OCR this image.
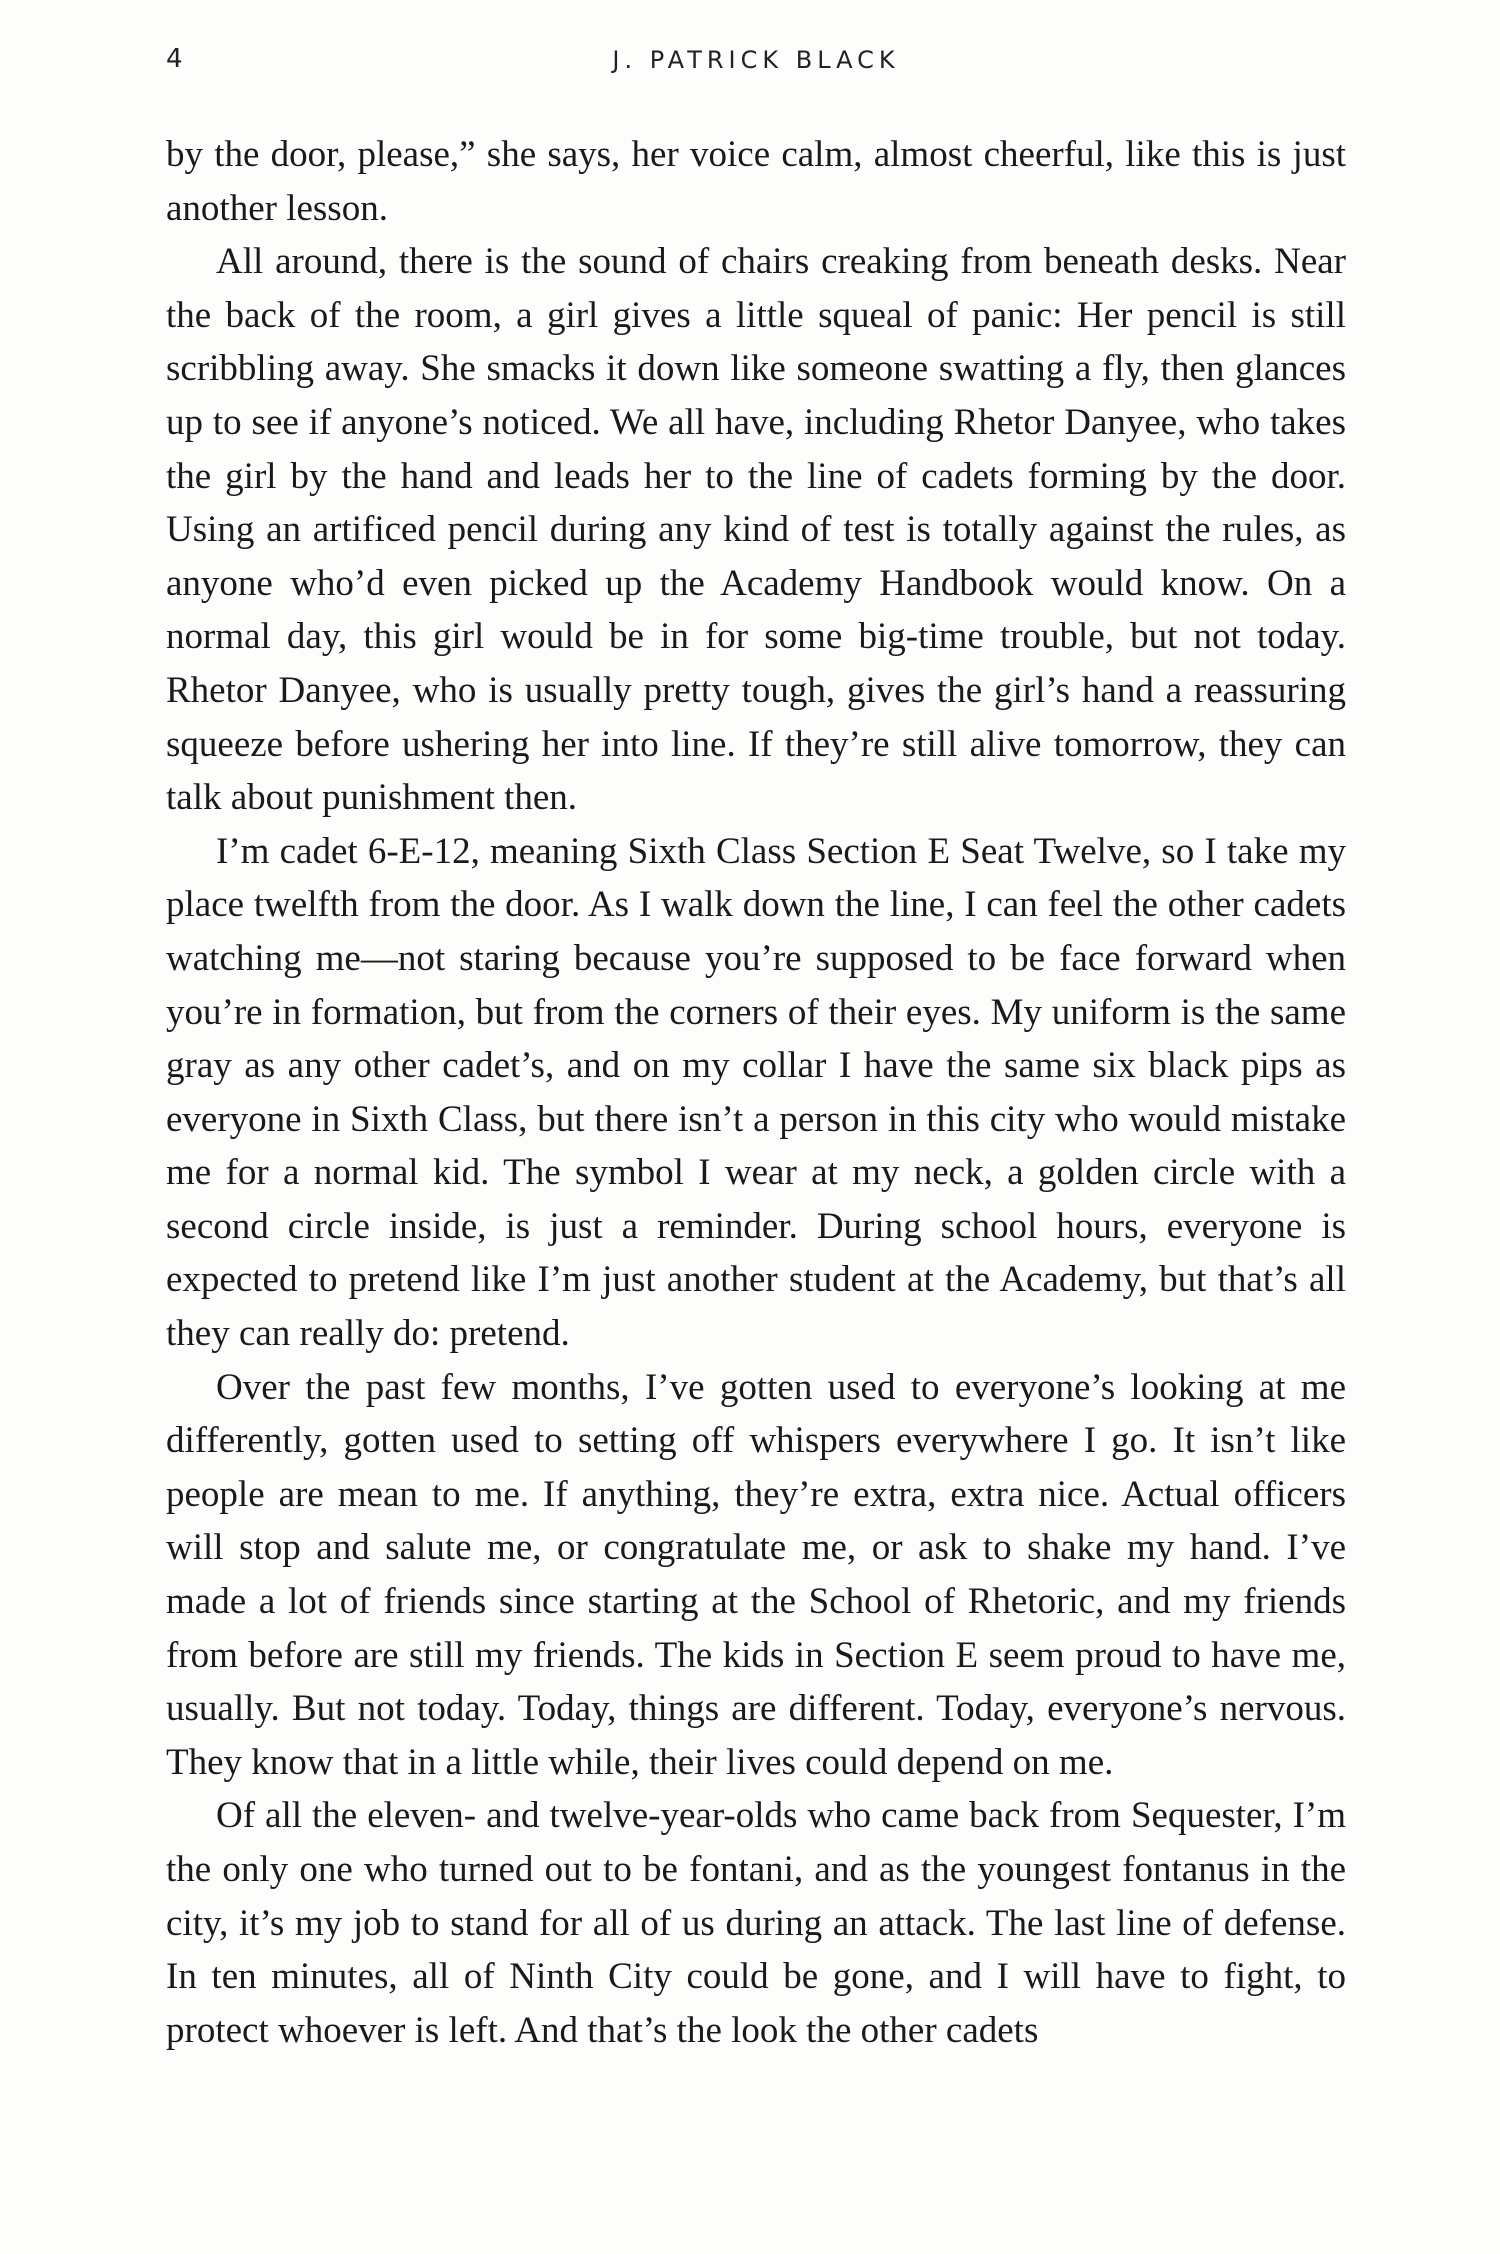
4	J. PATRICK BLACK

by the door, please,” she says, her voice calm, almost cheerful, like this is just another lesson.

All around, there is the sound of chairs creaking from beneath desks. Near the back of the room, a girl gives a little squeal of panic: Her pencil is still scribbling away. She smacks it down like someone swatting a fly, then glances up to see if anyone’s noticed. We all have, including Rhetor Danyee, who takes the girl by the hand and leads her to the line of cadets forming by the door. Using an artificed pencil during any kind of test is totally against the rules, as anyone who’d even picked up the Academy Handbook would know. On a normal day, this girl would be in for some big-time trouble, but not today. Rhetor Danyee, who is usually pretty tough, gives the girl’s hand a reassuring squeeze before ushering her into line. If they’re still alive tomorrow, they can talk about punishment then.

I’m cadet 6-E-12, meaning Sixth Class Section E Seat Twelve, so I take my place twelfth from the door. As I walk down the line, I can feel the other cadets watching me—not staring because you’re supposed to be face forward when you’re in formation, but from the corners of their eyes. My uniform is the same gray as any other cadet’s, and on my collar I have the same six black pips as everyone in Sixth Class, but there isn’t a person in this city who would mistake me for a normal kid. The symbol I wear at my neck, a golden circle with a second circle inside, is just a reminder. During school hours, everyone is expected to pretend like I’m just another student at the Academy, but that’s all they can really do: pretend.

Over the past few months, I’ve gotten used to everyone’s looking at me differently, gotten used to setting off whispers everywhere I go. It isn’t like people are mean to me. If anything, they’re extra, extra nice. Actual officers will stop and salute me, or congratulate me, or ask to shake my hand. I’ve made a lot of friends since starting at the School of Rhetoric, and my friends from before are still my friends. The kids in Section E seem proud to have me, usually. But not today. Today, things are different. Today, everyone’s nervous. They know that in a little while, their lives could depend on me.

Of all the eleven- and twelve-year-olds who came back from Sequester, I’m the only one who turned out to be fontani, and as the youngest fontanus in the city, it’s my job to stand for all of us during an attack. The last line of defense. In ten minutes, all of Ninth City could be gone, and I will have to fight, to protect whoever is left. And that’s the look the other cadets
